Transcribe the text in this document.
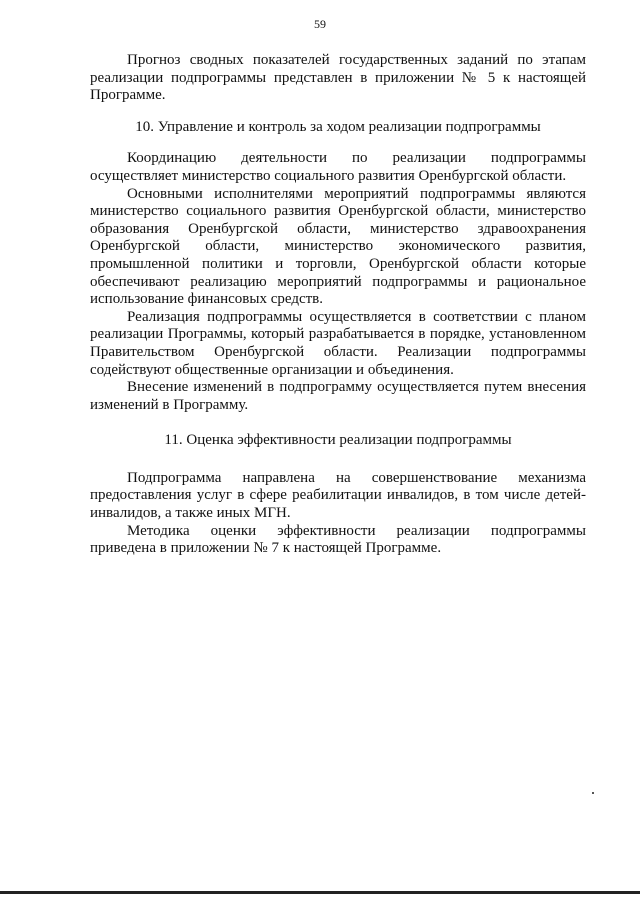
59

Прогноз сводных показателей государственных заданий по этапам реализации подпрограммы представлен в приложении № 5 к настоящей Программе.

10. Управление и контроль за ходом реализации подпрограммы

Координацию деятельности по реализации подпрограммы осуществляет министерство социального развития Оренбургской области.

Основными исполнителями мероприятий подпрограммы являются министерство социального развития Оренбургской области, министерство образования Оренбургской области, министерство здравоохранения Оренбургской области, министерство экономического развития, промышленной политики и торговли, Оренбургской области которые обеспечивают реализацию мероприятий подпрограммы и рациональное использование финансовых средств.

Реализация подпрограммы осуществляется в соответствии с планом реализации Программы, который разрабатывается в порядке, установленном Правительством Оренбургской области. Реализации подпрограммы содействуют общественные организации и объединения.

Внесение изменений в подпрограмму осуществляется путем внесения изменений в Программу.

11. Оценка эффективности реализации подпрограммы

Подпрограмма направлена на совершенствование механизма предоставления услуг в сфере реабилитации инвалидов, в том числе детей-инвалидов, а также иных МГН.

Методика оценки эффективности реализации подпрограммы приведена в приложении № 7 к настоящей Программе.
